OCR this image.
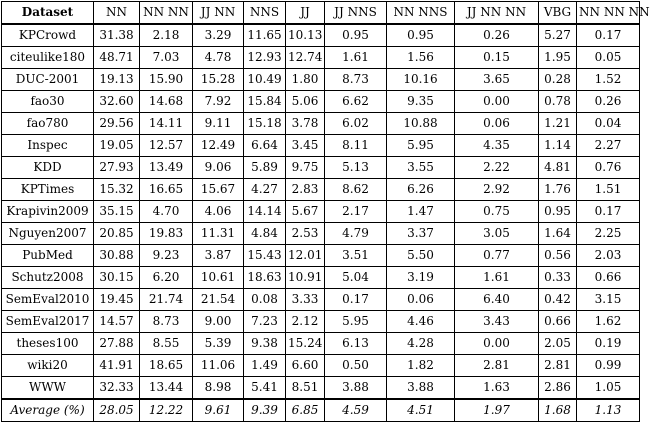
Dataset	NN	NN NN	JJ NN	NNS	JJ	JJ NNS	NN NNS	JJ NN NN	VBG	NN NN NN
KPCrowd	31.38	2.18	3.29	11.65	10.13	0.95	0.95	0.26	5.27	0.17
citeulike180	48.71	7.03	4.78	12.93	12.74	1.61	1.56	0.15	1.95	0.05
DUC-2001	19.13	15.90	15.28	10.49	1.80	8.73	10.16	3.65	0.28	1.52
fao30	32.60	14.68	7.92	15.84	5.06	6.62	9.35	0.00	0.78	0.26
fao780	29.56	14.11	9.11	15.18	3.78	6.02	10.88	0.06	1.21	0.04
Inspec	19.05	12.57	12.49	6.64	3.45	8.11	5.95	4.35	1.14	2.27
KDD	27.93	13.49	9.06	5.89	9.75	5.13	3.55	2.22	4.81	0.76
KPTimes	15.32	16.65	15.67	4.27	2.83	8.62	6.26	2.92	1.76	1.51
Krapivin2009	35.15	4.70	4.06	14.14	5.67	2.17	1.47	0.75	0.95	0.17
Nguyen2007	20.85	19.83	11.31	4.84	2.53	4.79	3.37	3.05	1.64	2.25
PubMed	30.88	9.23	3.87	15.43	12.01	3.51	5.50	0.77	0.56	2.03
Schutz2008	30.15	6.20	10.61	18.63	10.91	5.04	3.19	1.61	0.33	0.66
SemEval2010	19.45	21.74	21.54	0.08	3.33	0.17	0.06	6.40	0.42	3.15
SemEval2017	14.57	8.73	9.00	7.23	2.12	5.95	4.46	3.43	0.66	1.62
theses100	27.88	8.55	5.39	9.38	15.24	6.13	4.28	0.00	2.05	0.19
wiki20	41.91	18.65	11.06	1.49	6.60	0.50	1.82	2.81	2.81	0.99
WWW	32.33	13.44	8.98	5.41	8.51	3.88	3.88	1.63	2.86	1.05
Average (%)	28.05	12.22	9.61	9.39	6.85	4.59	4.51	1.97	1.68	1.13
